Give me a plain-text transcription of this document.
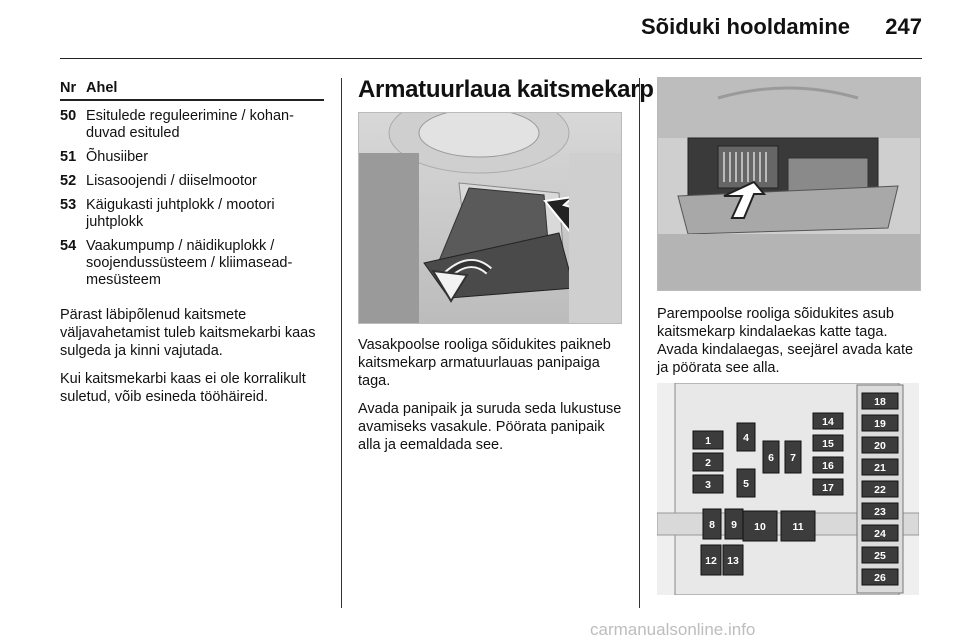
Sõiduki hooldamine	247
Nr Ahel
50 Esitulede reguleerimine / kohan-duvad esituled
51 Õhusiiber
52 Lisasoojendi / diiselmootor
53 Käigukasti juhtplokk / mootori juhtplokk
54 Vaakumpump / näidikuplokk / soojendussüsteem / kliimasead-mesüsteem
Pärast läbipõlenud kaitsmete väljavahetamist tuleb kaitsmekarbi kaas sulgeda ja kinni vajutada.
Kui kaitsmekarbi kaas ei ole korralikult suletud, võib esineda tööhäireid.
Armatuurlaua kaitsmekarp
Vasakpoolse rooliga sõidukites paikneb kaitsmekarp armatuurlauas panipaiga taga.
Avada panipaik ja suruda seda lukustuse avamiseks vasakule. Pöörata panipaik alla ja eemaldada see.
Parempoolse rooliga sõidukites asub kaitsmekarp kindalaekas katte taga. Avada kindalaegas, seejärel avada kate ja pöörata see alla.
1
2
3
4
5
6 7
8 9 10	11
12 13
14
15
16
17
18
19
20
21
22
23
24
25
26
carmanualsonline.info
